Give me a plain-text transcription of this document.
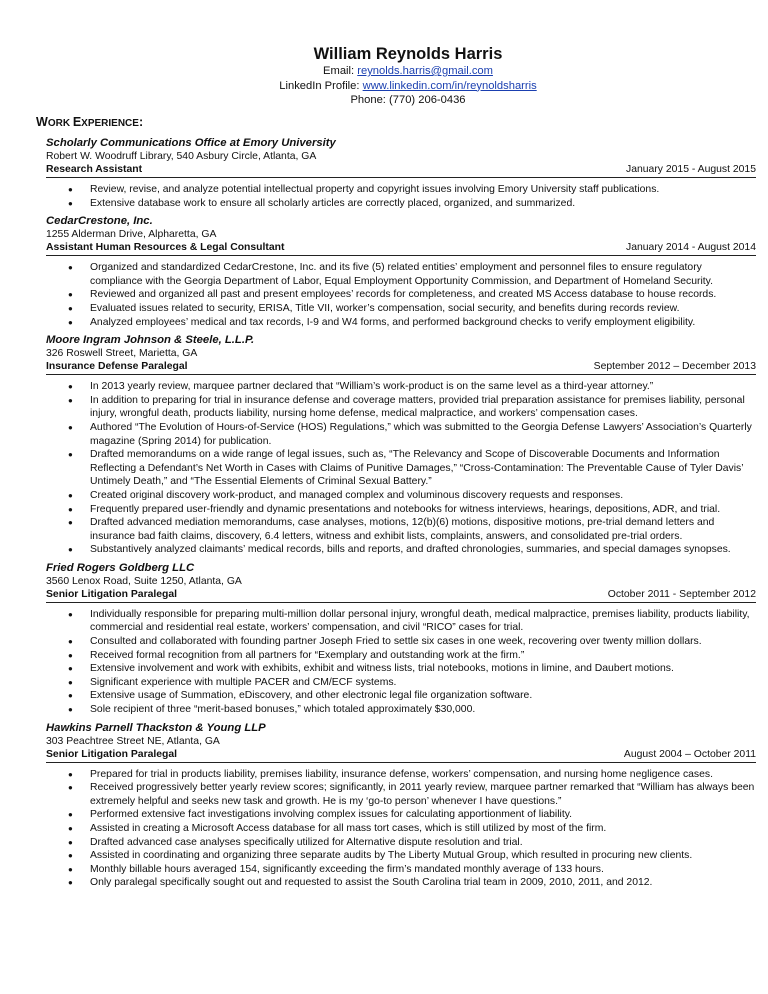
William Reynolds Harris
Email: reynolds.harris@gmail.com
LinkedIn Profile: www.linkedin.com/in/reynoldsharris
Phone: (770) 206-0436
WORK EXPERIENCE:
Scholarly Communications Office at Emory University
Robert W. Woodruff Library, 540 Asbury Circle, Atlanta, GA
Research Assistant	January 2015 - August 2015
● Review, revise, and analyze potential intellectual property and copyright issues involving Emory University staff publications.
● Extensive database work to ensure all scholarly articles are correctly placed, organized, and summarized.
CedarCrestone, Inc.
1255 Alderman Drive, Alpharetta, GA
Assistant Human Resources & Legal Consultant	January 2014 - August 2014
● Organized and standardized CedarCrestone, Inc. and its five (5) related entities’ employment and personnel files to ensure regulatory compliance with the Georgia Department of Labor, Equal Employment Opportunity Commission, and Department of Homeland Security.
● Reviewed and organized all past and present employees’ records for completeness, and created MS Access database to house records.
● Evaluated issues related to security, ERISA, Title VII, worker’s compensation, social security, and benefits during records review.
● Analyzed employees’ medical and tax records, I-9 and W4 forms, and performed background checks to verify employment eligibility.
Moore Ingram Johnson & Steele, L.L.P.
326 Roswell Street, Marietta, GA
Insurance Defense Paralegal	September 2012 – December 2013
● In 2013 yearly review, marquee partner declared that “William’s work-product is on the same level as a third-year attorney.”
● In addition to preparing for trial in insurance defense and coverage matters, provided trial preparation assistance for premises liability, personal injury, wrongful death, products liability, nursing home defense, medical malpractice, and workers’ compensation cases.
● Authored “The Evolution of Hours-of-Service (HOS) Regulations,” which was submitted to the Georgia Defense Lawyers’ Association’s Quarterly magazine (Spring 2014) for publication.
● Drafted memorandums on a wide range of legal issues, such as, “The Relevancy and Scope of Discoverable Documents and Information Reflecting a Defendant’s Net Worth in Cases with Claims of Punitive Damages,” “Cross-Contamination: The Preventable Cause of Tyler Davis’ Untimely Death,” and “The Essential Elements of Criminal Sexual Battery.”
● Created original discovery work-product, and managed complex and voluminous discovery requests and responses.
● Frequently prepared user-friendly and dynamic presentations and notebooks for witness interviews, hearings, depositions, ADR, and trial.
● Drafted advanced mediation memorandums, case analyses, motions, 12(b)(6) motions, dispositive motions, pre-trial demand letters and insurance bad faith claims, discovery, 6.4 letters, witness and exhibit lists, complaints, answers, and consolidated pre-trial orders.
● Substantively analyzed claimants’ medical records, bills and reports, and drafted chronologies, summaries, and special damages synopses.
Fried Rogers Goldberg LLC
3560 Lenox Road, Suite 1250, Atlanta, GA
Senior Litigation Paralegal	October 2011 - September 2012
● Individually responsible for preparing multi-million dollar personal injury, wrongful death, medical malpractice, premises liability, products liability, commercial and residential real estate, workers’ compensation, and civil “RICO” cases for trial.
● Consulted and collaborated with founding partner Joseph Fried to settle six cases in one week, recovering over twenty million dollars.
● Received formal recognition from all partners for “Exemplary and outstanding work at the firm.”
● Extensive involvement and work with exhibits, exhibit and witness lists, trial notebooks, motions in limine, and Daubert motions.
● Significant experience with multiple PACER and CM/ECF systems.
● Extensive usage of Summation, eDiscovery, and other electronic legal file organization software.
● Sole recipient of three “merit-based bonuses,” which totaled approximately $30,000.
Hawkins Parnell Thackston & Young LLP
303 Peachtree Street NE, Atlanta, GA
Senior Litigation Paralegal	August 2004 – October 2011
● Prepared for trial in products liability, premises liability, insurance defense, workers’ compensation, and nursing home negligence cases.
● Received progressively better yearly review scores; significantly, in 2011 yearly review, marquee partner remarked that “William has always been extremely helpful and seeks new task and growth. He is my ‘go-to person’ whenever I have questions.”
● Performed extensive fact investigations involving complex issues for calculating apportionment of liability.
● Assisted in creating a Microsoft Access database for all mass tort cases, which is still utilized by most of the firm.
● Drafted advanced case analyses specifically utilized for Alternative dispute resolution and trial.
● Assisted in coordinating and organizing three separate audits by The Liberty Mutual Group, which resulted in procuring new clients.
● Monthly billable hours averaged 154, significantly exceeding the firm’s mandated monthly average of 133 hours.
● Only paralegal specifically sought out and requested to assist the South Carolina trial team in 2009, 2010, 2011, and 2012.
